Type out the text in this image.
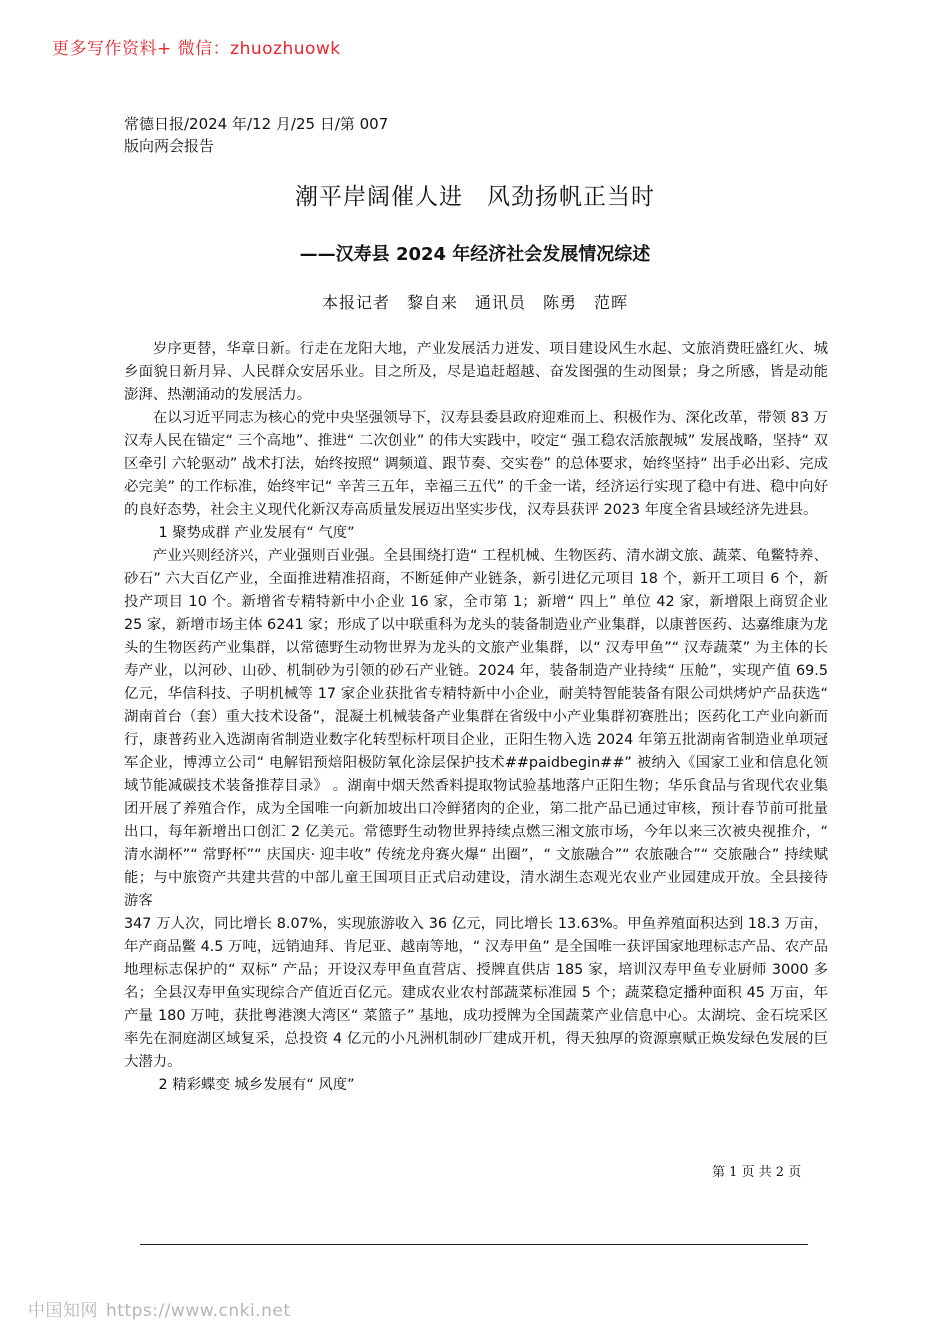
更多写作资料+ 微信：zhuozhuowk
常德日报/2024 年/12 月/25 日/第 007
版向两会报告
潮平岸阔催人进　风劲扬帆正当时
——汉寿县 2024 年经济社会发展情况综述
本报记者　黎自来　通讯员　陈勇　范晖

岁序更替，华章日新。行走在龙阳大地，产业发展活力迸发、项目建设风生水起、文旅消费旺盛红火、城乡面貌日新月异、人民群众安居乐业。目之所及，尽是追赶超越、奋发图强的生动图景；身之所感，皆是动能澎湃、热潮涌动的发展活力。

在以习近平同志为核心的党中央坚强领导下，汉寿县委县政府迎难而上、积极作为、深化改革，带领 83 万汉寿人民在锚定“ 三个高地”、推进“ 二次创业” 的伟大实践中，咬定“ 强工稳农活旅靓城” 发展战略，坚持“ 双区牵引 六轮驱动” 战术打法，始终按照“ 调频道、跟节奏、交实卷” 的总体要求，始终坚持“ 出手必出彩、完成必完美” 的工作标准，始终牢记“ 辛苦三五年，幸福三五代” 的千金一诺，经济运行实现了稳中有进、稳中向好的良好态势，社会主义现代化新汉寿高质量发展迈出坚实步伐，汉寿县获评 2023 年度全省县域经济先进县。

1 聚势成群 产业发展有“ 气度”

产业兴则经济兴，产业强则百业强。全县围绕打造“ 工程机械、生物医药、清水湖文旅、蔬菜、龟鳖特养、砂石” 六大百亿产业，全面推进精准招商，不断延伸产业链条，新引进亿元项目 18 个，新开工项目 6 个，新投产项目 10 个。新增省专精特新中小企业 16 家，全市第 1；新增“ 四上” 单位 42 家，新增限上商贸企业 25 家，新增市场主体 6241 家；形成了以中联重科为龙头的装备制造业产业集群，以康普医药、达嘉维康为龙头的生物医药产业集群，以常德野生动物世界为龙头的文旅产业集群，以“ 汉寿甲鱼”“ 汉寿蔬菜” 为主体的长寿产业，以河砂、山砂、机制砂为引领的砂石产业链。2024 年，装备制造产业持续“ 压舱”，实现产值 69.5 亿元，华信科技、子明机械等 17 家企业获批省专精特新中小企业，耐美特智能装备有限公司烘烤炉产品获选“ 湖南首台（套）重大技术设备”，混凝土机械装备产业集群在省级中小产业集群初赛胜出；医药化工产业向新而行，康普药业入选湖南省制造业数字化转型标杆项目企业，正阳生物入选 2024 年第五批湖南省制造业单项冠军企业，博溥立公司“ 电解铝预焙阳极防氧化涂层保护技术##paidbegin##” 被纳入《国家工业和信息化领域节能减碳技术装备推荐目录》 。湖南中烟天然香料提取物试验基地落户正阳生物；华乐食品与省现代农业集团开展了养殖合作，成为全国唯一向新加坡出口冷鲜猪肉的企业，第二批产品已通过审核，预计春节前可批量出口，每年新增出口创汇 2 亿美元。常德野生动物世界持续点燃三湘文旅市场，今年以来三次被央视推介，“ 清水湖杯”“ 常野杯”“ 庆国庆· 迎丰收” 传统龙舟赛火爆“ 出圈”，“ 文旅融合”“ 农旅融合”“ 交旅融合” 持续赋能；与中旅资产共建共营的中部儿童王国项目正式启动建设，清水湖生态观光农业产业园建成开放。全县接待游客

347 万人次，同比增长 8.07%，实现旅游收入 36 亿元，同比增长 13.63%。甲鱼养殖面积达到 18.3 万亩，年产商品鳖 4.5 万吨，远销迪拜、肯尼亚、越南等地，“ 汉寿甲鱼” 是全国唯一获评国家地理标志产品、农产品地理标志保护的“ 双标” 产品；开设汉寿甲鱼直营店、授牌直供店 185 家，培训汉寿甲鱼专业厨师 3000 多名；全县汉寿甲鱼实现综合产值近百亿元。建成农业农村部蔬菜标准园 5 个；蔬菜稳定播种面积 45 万亩，年产量 180 万吨，获批粤港澳大湾区“ 菜篮子” 基地，成功授牌为全国蔬菜产业信息中心。太湖垸、金石垸采区率先在洞庭湖区域复采，总投资 4 亿元的小凡洲机制砂厂建成开机，得天独厚的资源禀赋正焕发绿色发展的巨大潜力。

2 精彩蝶变 城乡发展有“ 风度”

第 1 页 共 2 页
中国知网 https://www.cnki.net
